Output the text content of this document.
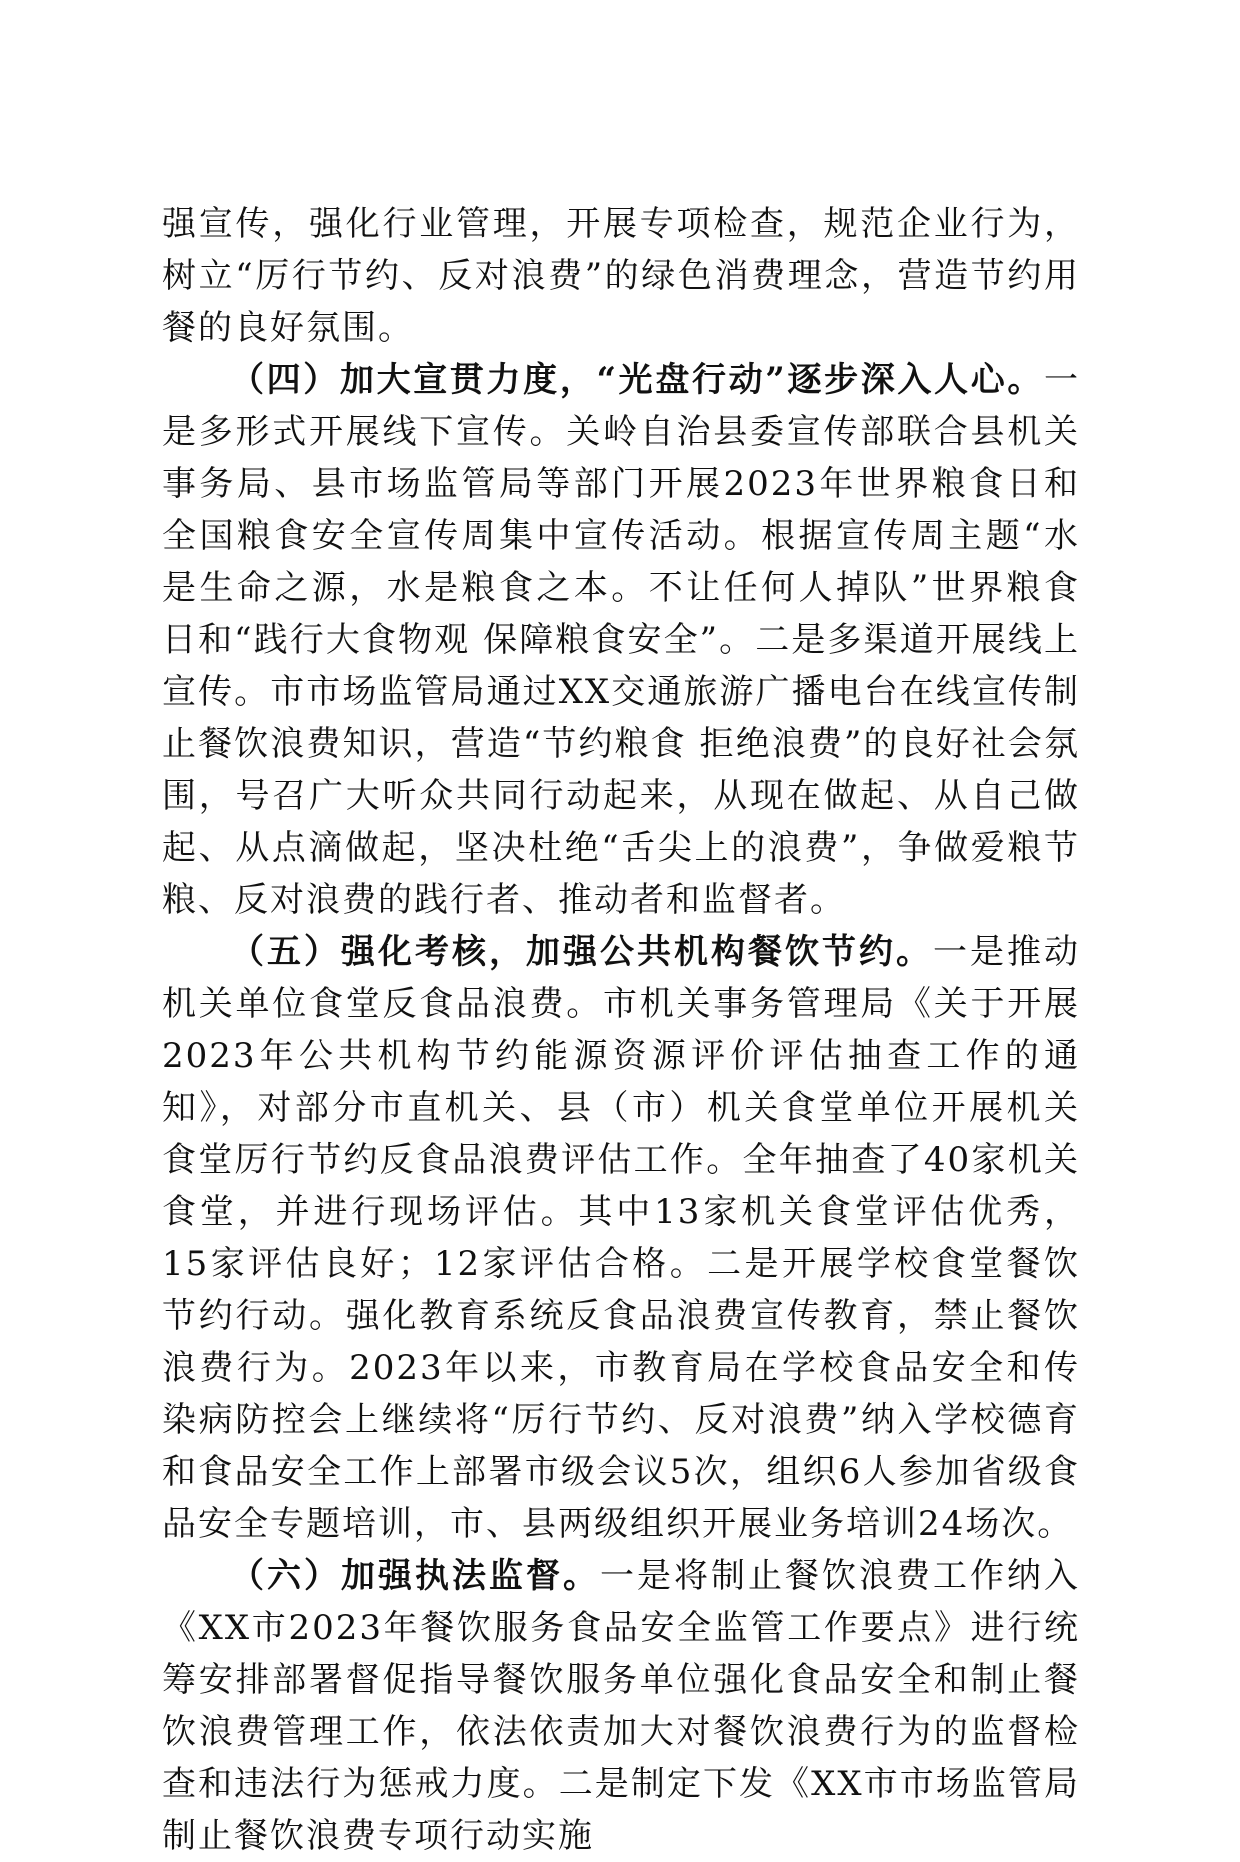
强宣传，强化行业管理，开展专项检查，规范企业行为，树立“厉行节约、反对浪费”的绿色消费理念，营造节约用餐的良好氛围。

（四）加大宣贯力度，“光盘行动”逐步深入人心。一是多形式开展线下宣传。关岭自治县委宣传部联合县机关事务局、县市场监管局等部门开展2023年世界粮食日和全国粮食安全宣传周集中宣传活动。根据宣传周主题“水是生命之源，水是粮食之本。不让任何人掉队”世界粮食日和“践行大食物观 保障粮食安全”。二是多渠道开展线上宣传。市市场监管局通过XX交通旅游广播电台在线宣传制止餐饮浪费知识，营造“节约粮食 拒绝浪费”的良好社会氛围，号召广大听众共同行动起来，从现在做起、从自己做起、从点滴做起，坚决杜绝“舌尖上的浪费”，争做爱粮节粮、反对浪费的践行者、推动者和监督者。

（五）强化考核，加强公共机构餐饮节约。一是推动机关单位食堂反食品浪费。市机关事务管理局《关于开展2023年公共机构节约能源资源评价评估抽查工作的通知》，对部分市直机关、县（市）机关食堂单位开展机关食堂厉行节约反食品浪费评估工作。全年抽查了40家机关食堂，并进行现场评估。其中13家机关食堂评估优秀，15家评估良好；12家评估合格。二是开展学校食堂餐饮节约行动。强化教育系统反食品浪费宣传教育，禁止餐饮浪费行为。2023年以来，市教育局在学校食品安全和传染病防控会上继续将“厉行节约、反对浪费”纳入学校德育和食品安全工作上部署市级会议5次，组织6人参加省级食品安全专题培训，市、县两级组织开展业务培训24场次。

（六）加强执法监督。一是将制止餐饮浪费工作纳入《XX市2023年餐饮服务食品安全监管工作要点》进行统筹安排部署督促指导餐饮服务单位强化食品安全和制止餐饮浪费管理工作，依法依责加大对餐饮浪费行为的监督检查和违法行为惩戒力度。二是制定下发《XX市市场监管局制止餐饮浪费专项行动实施
